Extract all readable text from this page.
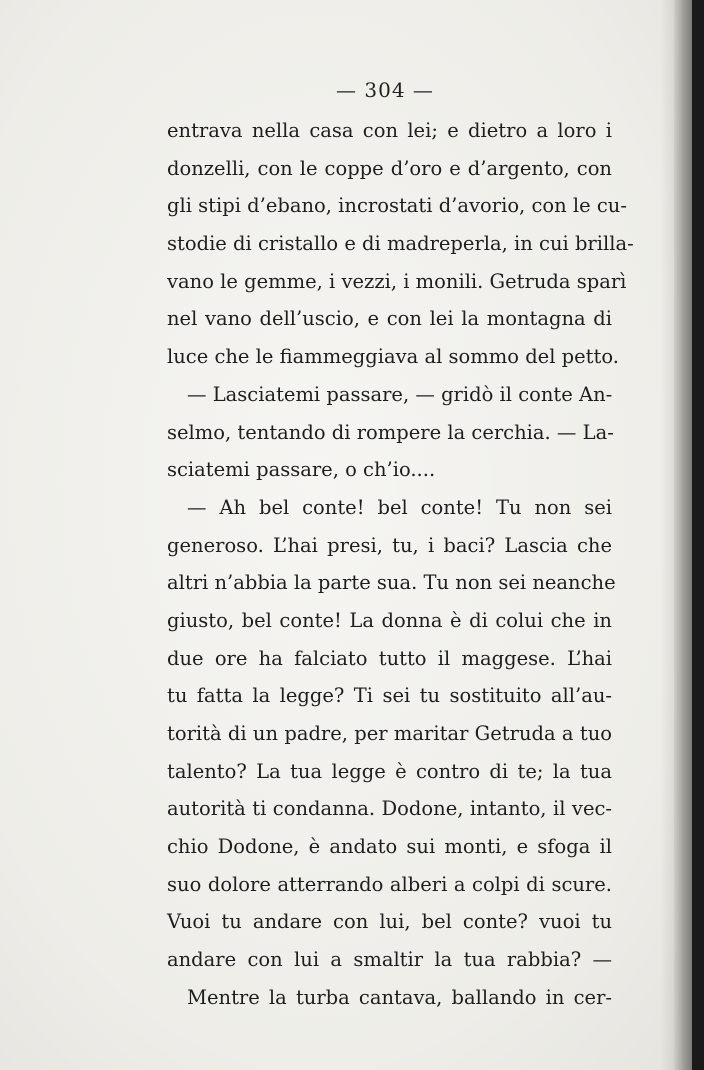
— 304 —
entrava nella casa con lei; e dietro a loro i
donzelli, con le coppe d’oro e d’argento, con
gli stipi d’ebano, incrostati d’avorio, con le cu-
stodie di cristallo e di madreperla, in cui brilla-
vano le gemme, i vezzi, i monili. Getruda sparì
nel vano dell’uscio, e con lei la montagna di
luce che le fiammeggiava al sommo del petto.
— Lasciatemi passare, — gridò il conte An-
selmo, tentando di rompere la cerchia. — La-
sciatemi passare, o ch’io....
— Ah bel conte! bel conte! Tu non sei
generoso. L’hai presi, tu, i baci? Lascia che
altri n’abbia la parte sua. Tu non sei neanche
giusto, bel conte! La donna è di colui che in
due ore ha falciato tutto il maggese. L’hai
tu fatta la legge? Ti sei tu sostituito all’au-
torità di un padre, per maritar Getruda a tuo
talento? La tua legge è contro di te; la tua
autorità ti condanna. Dodone, intanto, il vec-
chio Dodone, è andato sui monti, e sfoga il
suo dolore atterrando alberi a colpi di scure.
Vuoi tu andare con lui, bel conte? vuoi tu
andare con lui a smaltir la tua rabbia? —
Mentre la turba cantava, ballando in cer-
